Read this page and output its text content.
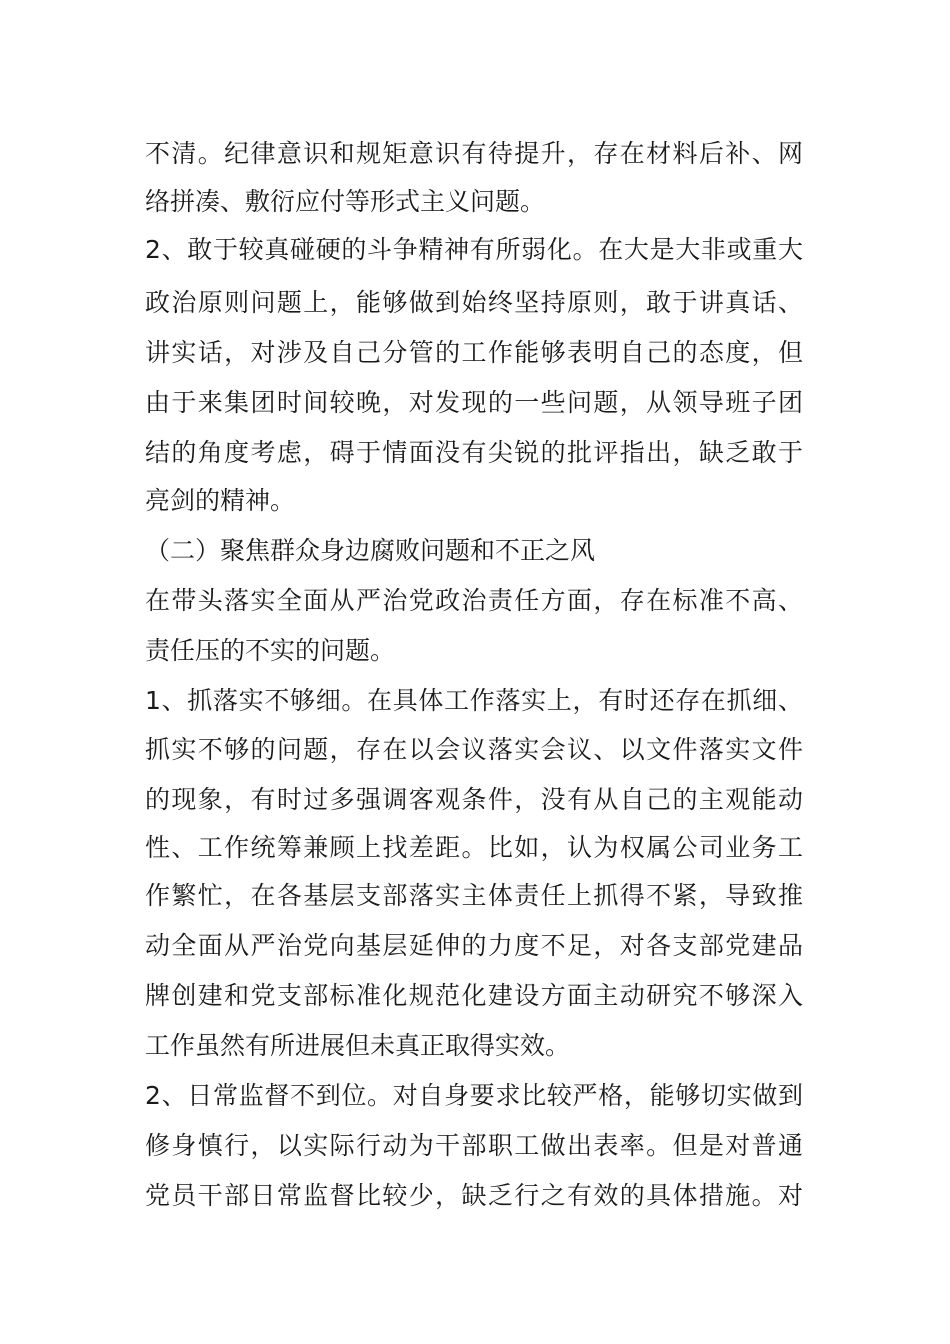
不清。纪律意识和规矩意识有待提升，存在材料后补、网
络拼凑、敷衍应付等形式主义问题。
2、敢于较真碰硬的斗争精神有所弱化。在大是大非或重大
政治原则问题上，能够做到始终坚持原则，敢于讲真话、
讲实话，对涉及自己分管的工作能够表明自己的态度，但
由于来集团时间较晚，对发现的一些问题，从领导班子团
结的角度考虑，碍于情面没有尖锐的批评指出，缺乏敢于
亮剑的精神。
（二）聚焦群众身边腐败问题和不正之风
在带头落实全面从严治党政治责任方面，存在标准不高、
责任压的不实的问题。
1、抓落实不够细。在具体工作落实上，有时还存在抓细、
抓实不够的问题，存在以会议落实会议、以文件落实文件
的现象，有时过多强调客观条件，没有从自己的主观能动
性、工作统筹兼顾上找差距。比如，认为权属公司业务工
作繁忙，在各基层支部落实主体责任上抓得不紧，导致推
动全面从严治党向基层延伸的力度不足，对各支部党建品
牌创建和党支部标准化规范化建设方面主动研究不够深入
工作虽然有所进展但未真正取得实效。
2、日常监督不到位。对自身要求比较严格，能够切实做到
修身慎行，以实际行动为干部职工做出表率。但是对普通
党员干部日常监督比较少，缺乏行之有效的具体措施。对
